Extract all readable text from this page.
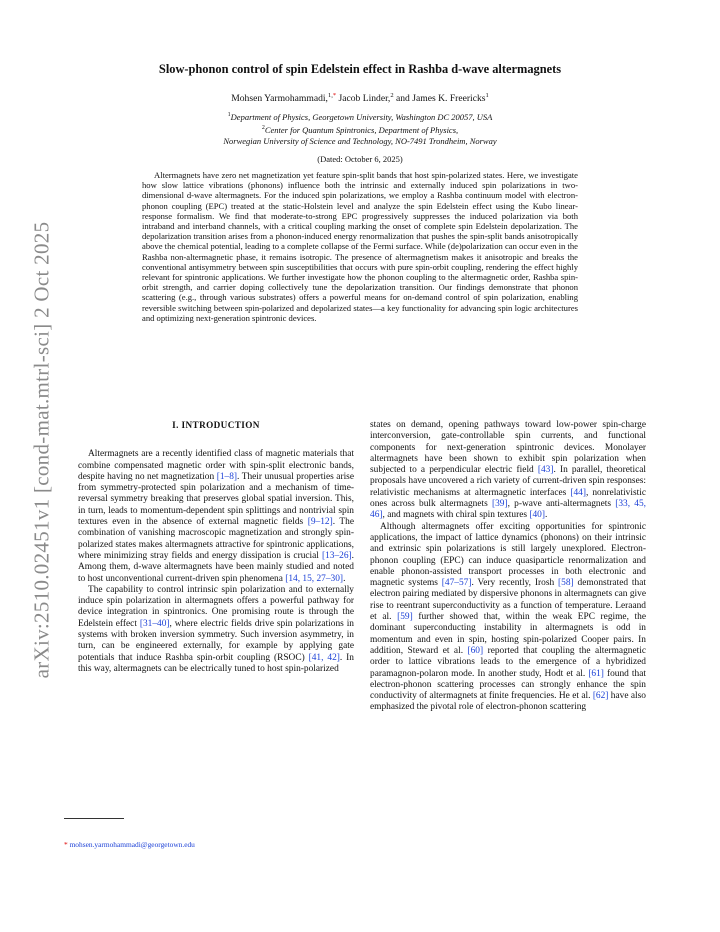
arXiv:2510.02451v1 [cond-mat.mtrl-sci] 2 Oct 2025
Slow-phonon control of spin Edelstein effect in Rashba d-wave altermagnets
Mohsen Yarmohammadi,$^{1,*}$ Jacob Linder,$^2$ and James K. Freericks$^1$
$^1$Department of Physics, Georgetown University, Washington DC 20057, USA
$^2$Center for Quantum Spintronics, Department of Physics,
Norwegian University of Science and Technology, NO-7491 Trondheim, Norway
(Dated: October 6, 2025)
Altermagnets have zero net magnetization yet feature spin-split bands that host spin-polarized states. Here, we investigate how slow lattice vibrations (phonons) influence both the intrinsic and externally induced spin polarizations in two-dimensional d-wave altermagnets. For the induced spin polarizations, we employ a Rashba continuum model with electron-phonon coupling (EPC) treated at the static-Holstein level and analyze the spin Edelstein effect using the Kubo linear-response formalism. We find that moderate-to-strong EPC progressively suppresses the induced polarization via both intraband and interband channels, with a critical coupling marking the onset of complete spin Edelstein depolarization. The depolarization transition arises from a phonon-induced energy renormalization that pushes the spin-split bands anisotropically above the chemical potential, leading to a complete collapse of the Fermi surface. While (de)polarization can occur even in the Rashba non-altermagnetic phase, it remains isotropic. The presence of altermagnetism makes it anisotropic and breaks the conventional antisymmetry between spin susceptibilities that occurs with pure spin-orbit coupling, rendering the effect highly relevant for spintronic applications. We further investigate how the phonon coupling to the altermagnetic order, Rashba spin-orbit strength, and carrier doping collectively tune the depolarization transition. Our findings demonstrate that phonon scattering (e.g., through various substrates) offers a powerful means for on-demand control of spin polarization, enabling reversible switching between spin-polarized and depolarized states—a key functionality for advancing spin logic architectures and optimizing next-generation spintronic devices.
I. INTRODUCTION

Altermagnets are a recently identified class of magnetic materials that combine compensated magnetic order with spin-split electronic bands, despite having no net magnetization [1–8]. Their unusual properties arise from symmetry-protected spin polarization and a mechanism of time-reversal symmetry breaking that preserves global spatial inversion. This, in turn, leads to momentum-dependent spin splittings and nontrivial spin textures even in the absence of external magnetic fields [9–12]. The combination of vanishing macroscopic magnetization and strongly spin-polarized states makes altermagnets attractive for spintronic applications, where minimizing stray fields and energy dissipation is crucial [13–26]. Among them, d-wave altermagnets have been mainly studied and noted to host unconventional current-driven spin phenomena [14, 15, 27–30].

The capability to control intrinsic spin polarization and to externally induce spin polarization in altermagnets offers a powerful pathway for device integration in spintronics. One promising route is through the Edelstein effect [31–40], where electric fields drive spin polarizations in systems with broken inversion symmetry. Such inversion asymmetry, in turn, can be engineered externally, for example by applying gate potentials that induce Rashba spin-orbit coupling (RSOC) [41, 42]. In this way, altermagnets can be electrically tuned to host spin-polarized

states on demand, opening pathways toward low-power spin-charge interconversion, gate-controllable spin currents, and functional components for next-generation spintronic devices. Monolayer altermagnets have been shown to exhibit spin polarization when subjected to a perpendicular electric field [43]. In parallel, theoretical proposals have uncovered a rich variety of current-driven spin responses: relativistic mechanisms at altermagnetic interfaces [44], nonrelativistic ones across bulk altermagnets [39], p-wave anti-altermagnets [33, 45, 46], and magnets with chiral spin textures [40].

Although altermagnets offer exciting opportunities for spintronic applications, the impact of lattice dynamics (phonons) on their intrinsic and extrinsic spin polarizations is still largely unexplored. Electron-phonon coupling (EPC) can induce quasiparticle renormalization and enable phonon-assisted transport processes in both electronic and magnetic systems [47–57]. Very recently, Irosh [58] demonstrated that electron pairing mediated by dispersive phonons in altermagnets can give rise to reentrant superconductivity as a function of temperature. Leraand et al. [59] further showed that, within the weak EPC regime, the dominant superconducting instability in altermagnets is odd in momentum and even in spin, hosting spin-polarized Cooper pairs. In addition, Steward et al. [60] reported that coupling the altermagnetic order to lattice vibrations leads to the emergence of a hybridized paramagnon-polaron mode. In another study, Hodt et al. [61] found that electron-phonon scattering processes can strongly enhance the spin conductivity of altermagnets at finite frequencies. He et al. [62] have also emphasized the pivotal role of electron-phonon scattering

* mohsen.yarmohammadi@georgetown.edu
